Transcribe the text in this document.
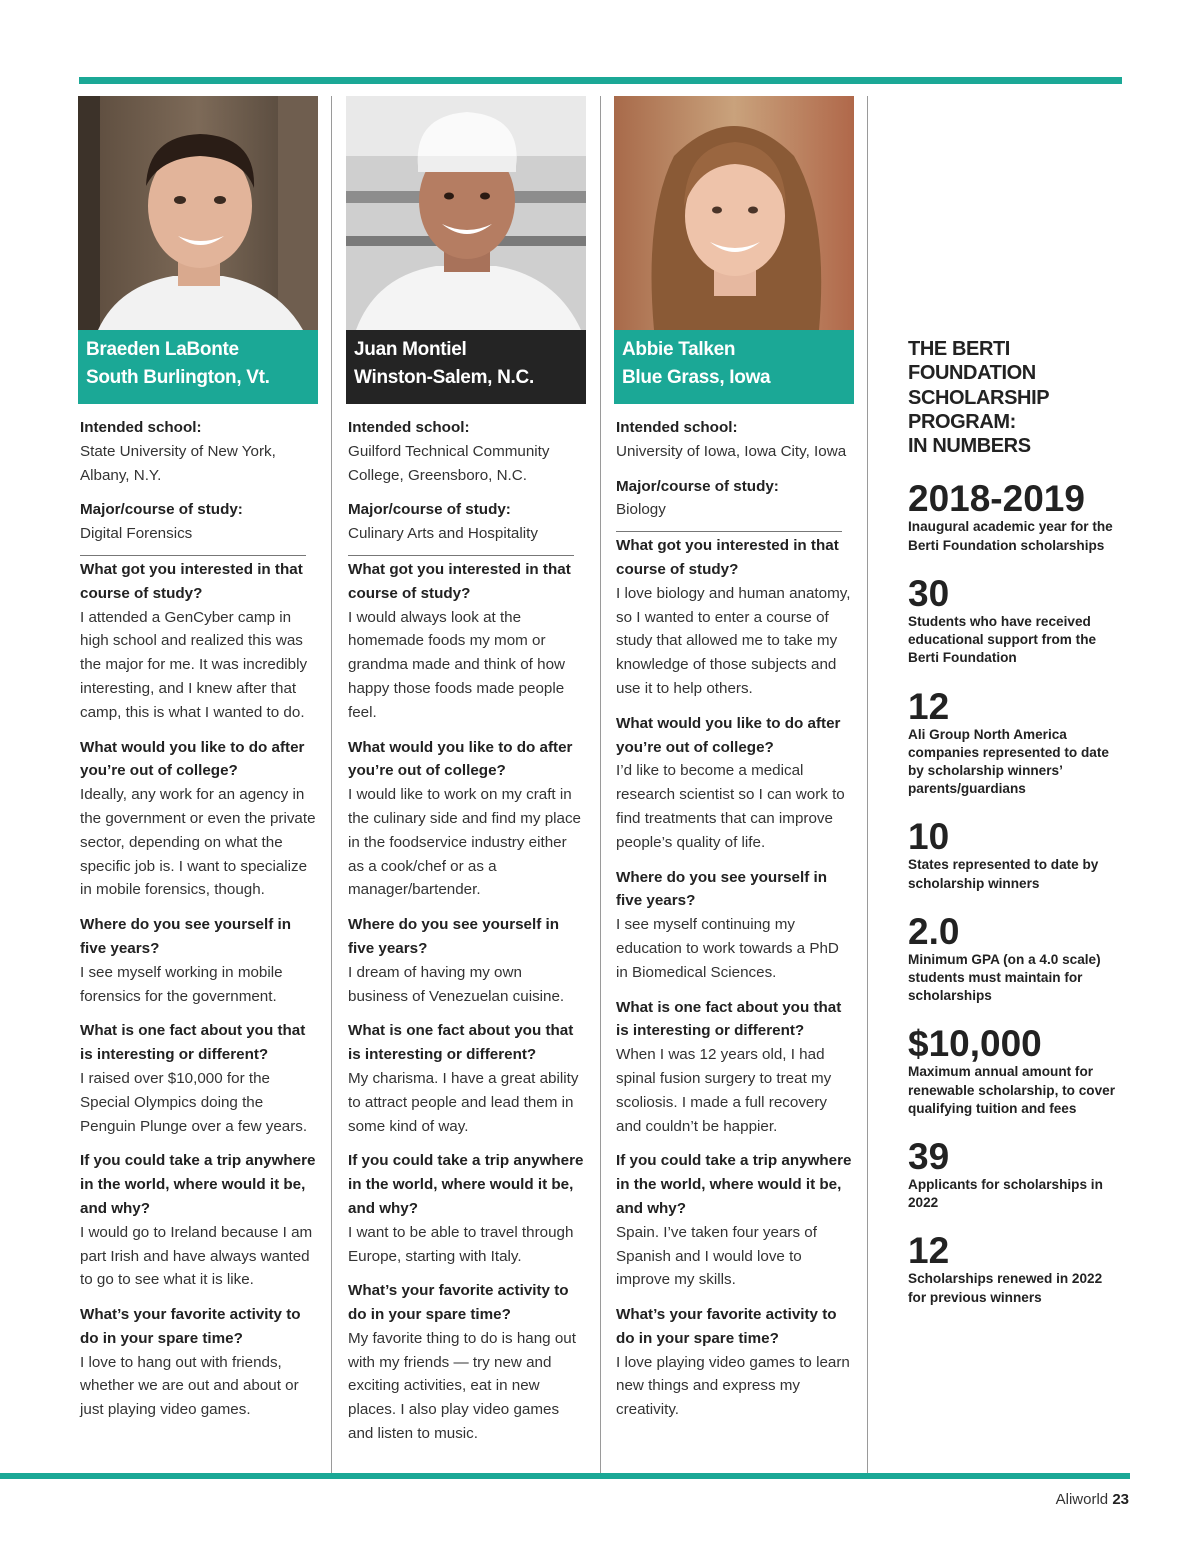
Braeden LaBonte
South Burlington, Vt.
Intended school:
State University of New York, Albany, N.Y.
Major/course of study:
Digital Forensics
What got you interested in that course of study?
I attended a GenCyber camp in high school and realized this was the major for me. It was incredibly interesting, and I knew after that camp, this is what I wanted to do.
What would you like to do after you’re out of college?
Ideally, any work for an agency in the government or even the private sector, depending on what the specific job is. I want to specialize in mobile forensics, though.
Where do you see yourself in five years?
I see myself working in mobile forensics for the government.
What is one fact about you that is interesting or different?
I raised over $10,000 for the Special Olympics doing the Penguin Plunge over a few years.
If you could take a trip anywhere in the world, where would it be, and why?
I would go to Ireland because I am part Irish and have always wanted to go to see what it is like.
What’s your favorite activity to do in your spare time?
I love to hang out with friends, whether we are out and about or just playing video games.
Juan Montiel
Winston-Salem, N.C.
Intended school:
Guilford Technical Community College, Greensboro, N.C.
Major/course of study:
Culinary Arts and Hospitality
What got you interested in that course of study?
I would always look at the homemade foods my mom or grandma made and think of how happy those foods made people feel.
What would you like to do after you’re out of college?
I would like to work on my craft in the culinary side and find my place in the foodservice industry either as a cook/chef or as a manager/bartender.
Where do you see yourself in five years?
I dream of having my own business of Venezuelan cuisine.
What is one fact about you that is interesting or different?
My charisma. I have a great ability to attract people and lead them in some kind of way.
If you could take a trip anywhere in the world, where would it be, and why?
I want to be able to travel through Europe, starting with Italy.
What’s your favorite activity to do in your spare time?
My favorite thing to do is hang out with my friends — try new and exciting activities, eat in new places. I also play video games and listen to music.
Abbie Talken
Blue Grass, Iowa
Intended school:
University of Iowa, Iowa City, Iowa
Major/course of study:
Biology
What got you interested in that course of study?
I love biology and human anatomy, so I wanted to enter a course of study that allowed me to take my knowledge of those subjects and use it to help others.
What would you like to do after you’re out of college?
I’d like to become a medical research scientist so I can work to find treatments that can improve people’s quality of life.
Where do you see yourself in five years?
I see myself continuing my education to work towards a PhD in Biomedical Sciences.
What is one fact about you that is interesting or different?
When I was 12 years old, I had spinal fusion surgery to treat my scoliosis. I made a full recovery and couldn’t be happier.
If you could take a trip anywhere in the world, where would it be, and why?
Spain. I’ve taken four years of Spanish and I would love to improve my skills.
What’s your favorite activity to do in your spare time?
I love playing video games to learn new things and express my creativity.
THE BERTI
FOUNDATION
SCHOLARSHIP
PROGRAM:
IN NUMBERS
2018-2019
Inaugural academic year for the Berti Foundation scholarships
30
Students who have received educational support from the Berti Foundation
12
Ali Group North America companies represented to date by scholarship winners’ parents/guardians
10
States represented to date by scholarship winners
2.0
Minimum GPA (on a 4.0 scale) students must maintain for scholarships
$10,000
Maximum annual amount for renewable scholarship, to cover qualifying tuition and fees
39
Applicants for scholarships in 2022
12
Scholarships renewed in 2022 for previous winners
Aliworld 23
